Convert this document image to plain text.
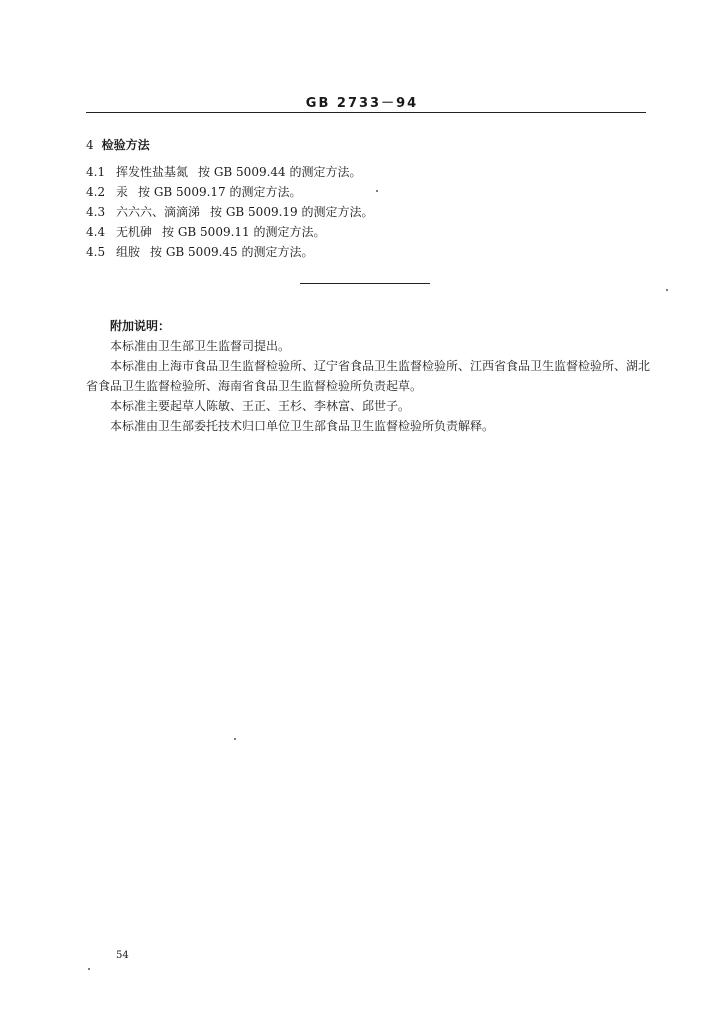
GB 2733－94
4 检验方法
4.1 挥发性盐基氮 按 GB 5009.44 的测定方法。
4.2 汞 按 GB 5009.17 的测定方法。
4.3 六六六、滴滴涕 按 GB 5009.19 的测定方法。
4.4 无机砷 按 GB 5009.11 的测定方法。
4.5 组胺 按 GB 5009.45 的测定方法。

附加说明：

本标准由卫生部卫生监督司提出。

本标准由上海市食品卫生监督检验所、辽宁省食品卫生监督检验所、江西省食品卫生监督检验所、湖北省食品卫生监督检验所、海南省食品卫生监督检验所负责起草。

本标准主要起草人陈敏、王正、王杉、李林富、邱世子。

本标准由卫生部委托技术归口单位卫生部食品卫生监督检验所负责解释。

54
